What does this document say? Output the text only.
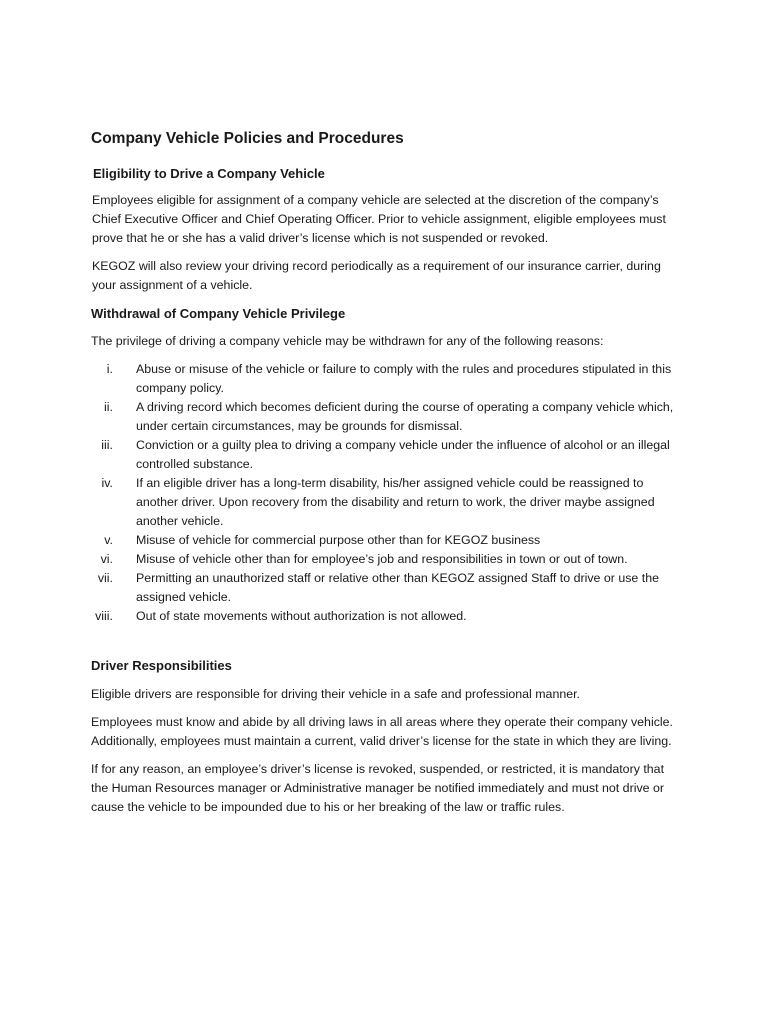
Company Vehicle Policies and Procedures
Eligibility to Drive a Company Vehicle

Employees eligible for assignment of a company vehicle are selected at the discretion of the company’s Chief Executive Officer and Chief Operating Officer. Prior to vehicle assignment, eligible employees must prove that he or she has a valid driver’s license which is not suspended or revoked.

KEGOZ will also review your driving record periodically as a requirement of our insurance carrier, during your assignment of a vehicle.

Withdrawal of Company Vehicle Privilege

The privilege of driving a company vehicle may be withdrawn for any of the following reasons:

i. Abuse or misuse of the vehicle or failure to comply with the rules and procedures stipulated in this company policy.
ii. A driving record which becomes deficient during the course of operating a company vehicle which, under certain circumstances, may be grounds for dismissal.
iii. Conviction or a guilty plea to driving a company vehicle under the influence of alcohol or an illegal controlled substance.
iv. If an eligible driver has a long-term disability, his/her assigned vehicle could be reassigned to another driver. Upon recovery from the disability and return to work, the driver maybe assigned another vehicle.
v. Misuse of vehicle for commercial purpose other than for KEGOZ business
vi. Misuse of vehicle other than for employee’s job and responsibilities in town or out of town.
vii. Permitting an unauthorized staff or relative other than KEGOZ assigned Staff to drive or use the assigned vehicle.
viii. Out of state movements without authorization is not allowed.
Driver Responsibilities

Eligible drivers are responsible for driving their vehicle in a safe and professional manner.

Employees must know and abide by all driving laws in all areas where they operate their company vehicle. Additionally, employees must maintain a current, valid driver’s license for the state in which they are living.

If for any reason, an employee’s driver’s license is revoked, suspended, or restricted, it is mandatory that the Human Resources manager or Administrative manager be notified immediately and must not drive or cause the vehicle to be impounded due to his or her breaking of the law or traffic rules.
